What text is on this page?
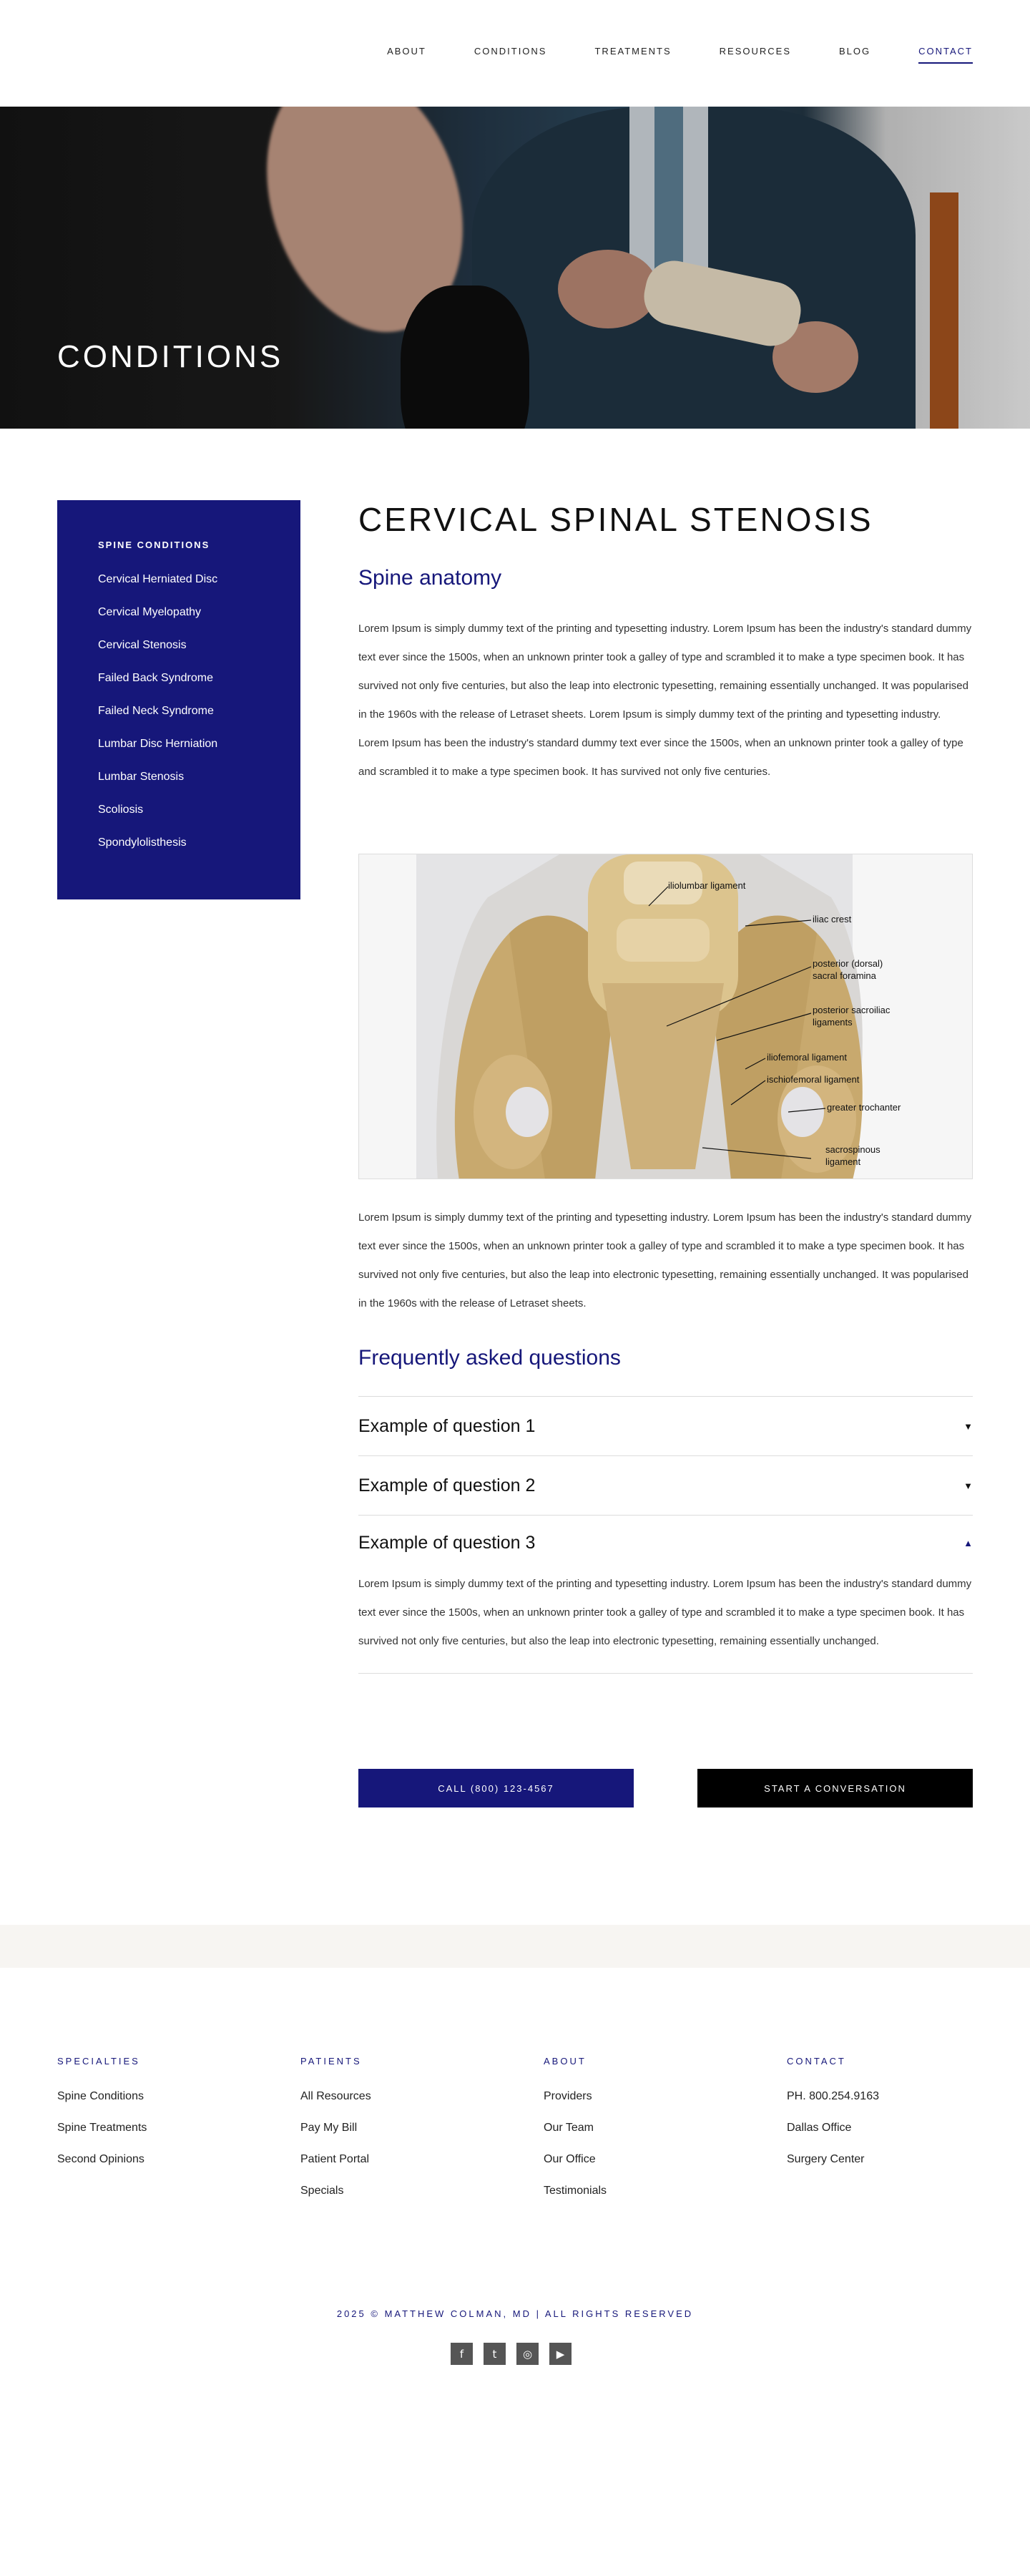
ABOUT	CONDITIONS	TREATMENTS	RESOURCES	BLOG	CONTACT
CONDITIONS
SPINE CONDITIONS
Cervical Herniated Disc
Cervical Myelopathy
Cervical Stenosis
Failed Back Syndrome
Failed Neck Syndrome
Lumbar Disc Herniation
Lumbar Stenosis
Scoliosis
Spondylolisthesis
CERVICAL SPINAL STENOSIS
Spine anatomy

Lorem Ipsum is simply dummy text of the printing and typesetting industry. Lorem Ipsum has been the industry's standard dummy text ever since the 1500s, when an unknown printer took a galley of type and scrambled it to make a type specimen book. It has survived not only five centuries, but also the leap into electronic typesetting, remaining essentially unchanged. It was popularised in the 1960s with the release of Letraset sheets. Lorem Ipsum is simply dummy text of the printing and typesetting industry. Lorem Ipsum has been the industry's standard dummy text ever since the 1500s, when an unknown printer took a galley of type and scrambled it to make a type specimen book. It has survived not only five centuries.

iliolumbar ligament
iliac crest
posterior (dorsal)
sacral foramina
posterior sacroiliac
ligaments
iliofemoral ligament
ischiofemoral ligament
greater trochanter
sacrospinous
ligament

Lorem Ipsum is simply dummy text of the printing and typesetting industry. Lorem Ipsum has been the industry's standard dummy text ever since the 1500s, when an unknown printer took a galley of type and scrambled it to make a type specimen book. It has survived not only five centuries, but also the leap into electronic typesetting, remaining essentially unchanged. It was popularised in the 1960s with the release of Letraset sheets.

Frequently asked questions
Example of question 1	▼
Example of question 2	▼
Example of question 3	▲

Lorem Ipsum is simply dummy text of the printing and typesetting industry. Lorem Ipsum has been the industry's standard dummy text ever since the 1500s, when an unknown printer took a galley of type and scrambled it to make a type specimen book. It has survived not only five centuries, but also the leap into electronic typesetting, remaining essentially unchanged.

CALL (800) 123-4567	START A CONVERSATION
SPECIALTIES
Spine Conditions
Spine Treatments
Second Opinions
PATIENTS
All Resources
Pay My Bill
Patient Portal
Specials
ABOUT
Providers
Our Team
Our Office
Testimonials
CONTACT
PH. 800.254.9163
Dallas Office
Surgery Center
2025 © MATTHEW COLMAN, MD | ALL RIGHTS RESERVED
f	t	◎	▶
